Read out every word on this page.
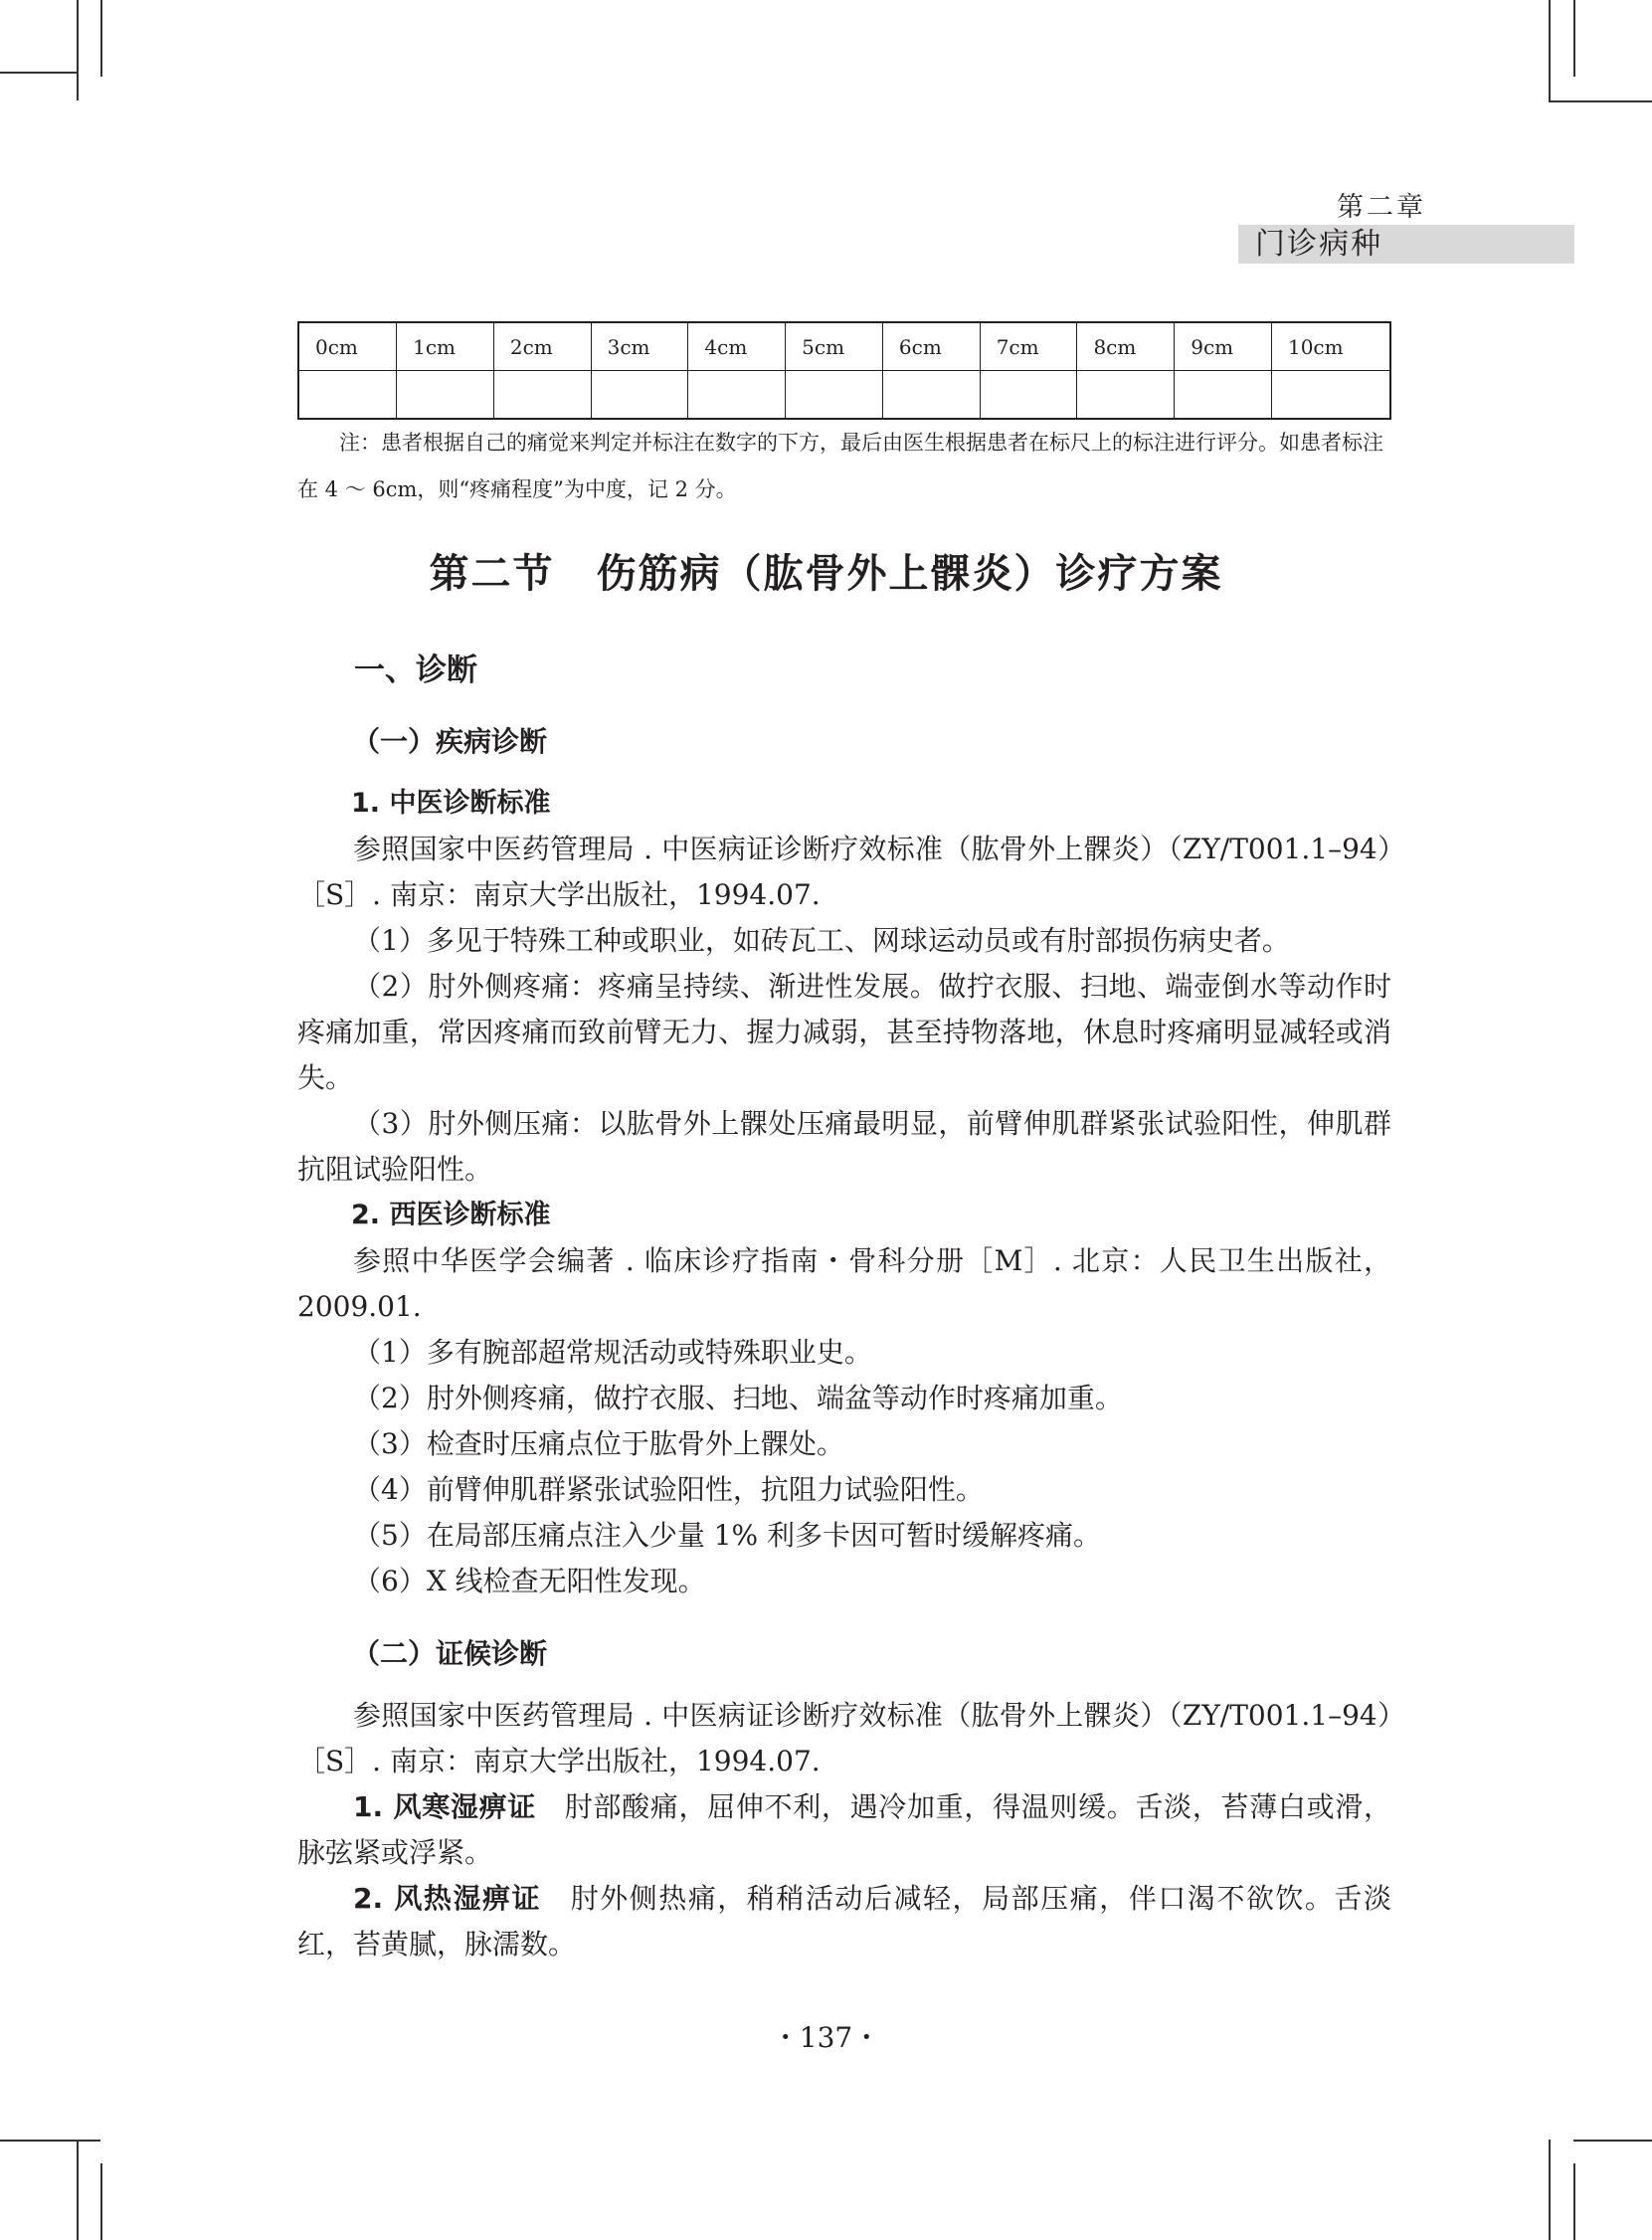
第二章
门诊病种
0cm	1cm	2cm	3cm	4cm	5cm	6cm	7cm	8cm	9cm	10cm

注：患者根据自己的痛觉来判定并标注在数字的下方，最后由医生根据患者在标尺上的标注进行评分。如患者标注在 4 ～ 6cm，则“疼痛程度”为中度，记 2 分。
第二节　伤筋病（肱骨外上髁炎）诊疗方案
一、诊断
（一）疾病诊断

1. 中医诊断标准

参照国家中医药管理局 . 中医病证诊断疗效标准（肱骨外上髁炎）（ZY/T001.1–94）［S］. 南京：南京大学出版社，1994.07.

（1）多见于特殊工种或职业，如砖瓦工、网球运动员或有肘部损伤病史者。

（2）肘外侧疼痛：疼痛呈持续、渐进性发展。做拧衣服、扫地、端壶倒水等动作时疼痛加重，常因疼痛而致前臂无力、握力减弱，甚至持物落地，休息时疼痛明显减轻或消失。

（3）肘外侧压痛：以肱骨外上髁处压痛最明显，前臂伸肌群紧张试验阳性，伸肌群抗阻试验阳性。

2. 西医诊断标准

参照中华医学会编著 . 临床诊疗指南・骨科分册［M］. 北京：人民卫生出版社，2009.01.

（1）多有腕部超常规活动或特殊职业史。

（2）肘外侧疼痛，做拧衣服、扫地、端盆等动作时疼痛加重。

（3）检查时压痛点位于肱骨外上髁处。

（4）前臂伸肌群紧张试验阳性，抗阻力试验阳性。

（5）在局部压痛点注入少量 1% 利多卡因可暂时缓解疼痛。

（6）X 线检查无阳性发现。

（二）证候诊断

参照国家中医药管理局 . 中医病证诊断疗效标准（肱骨外上髁炎）（ZY/T001.1–94）［S］. 南京：南京大学出版社，1994.07.

1. 风寒湿痹证　肘部酸痛，屈伸不利，遇冷加重，得温则缓。舌淡，苔薄白或滑，脉弦紧或浮紧。

2. 风热湿痹证　肘外侧热痛，稍稍活动后减轻，局部压痛，伴口渴不欲饮。舌淡红，苔黄腻，脉濡数。

・137・
